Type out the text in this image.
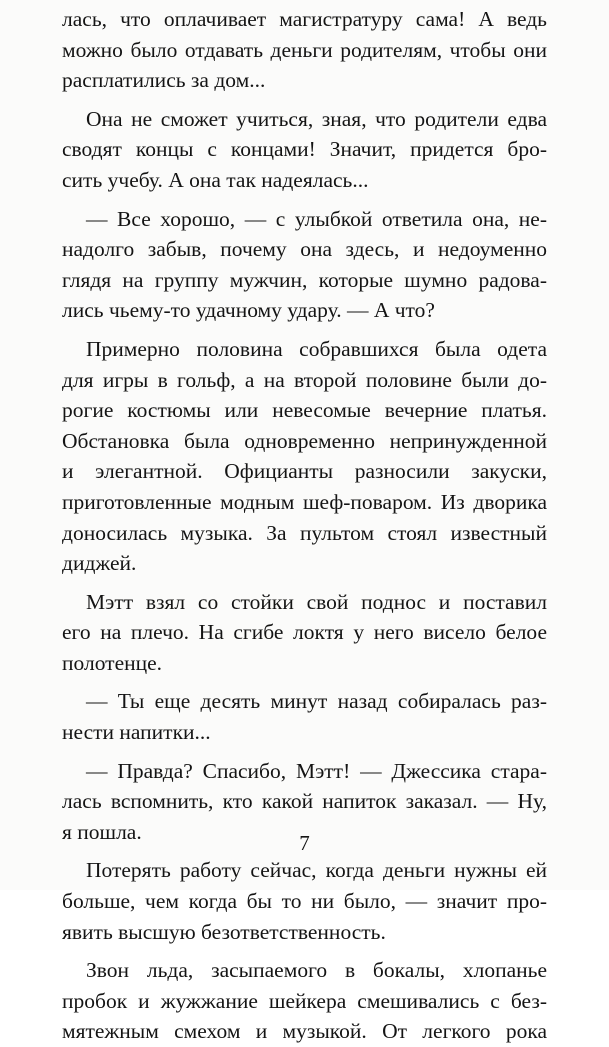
лась, что оплачивает магистратуру сама! А ведь
можно было отдавать деньги родителям, чтобы они
расплатились за дом...

Она не сможет учиться, зная, что родители едва
сводят концы с концами! Значит, придется бро-
сить учебу. А она так надеялась...

— Все хорошо, — с улыбкой ответила она, не-
надолго забыв, почему она здесь, и недоуменно
глядя на группу мужчин, которые шумно радова-
лись чьему-то удачному удару. — А что?

Примерно половина собравшихся была одета
для игры в гольф, а на второй половине были до-
рогие костюмы или невесомые вечерние платья.
Обстановка была одновременно непринужденной
и элегантной. Официанты разносили закуски,
приготовленные модным шеф-поваром. Из дворика
доносилась музыка. За пультом стоял известный
диджей.

Мэтт взял со стойки свой поднос и поставил
его на плечо. На сгибе локтя у него висело белое
полотенце.

— Ты еще десять минут назад собиралась раз-
нести напитки...

— Правда? Спасибо, Мэтт! — Джессика стара-
лась вспомнить, кто какой напиток заказал. — Ну,
я пошла.

Потерять работу сейчас, когда деньги нужны ей
больше, чем когда бы то ни было, — значит про-
явить высшую безответственность.

Звон льда, засыпаемого в бокалы, хлопанье
пробок и жужжание шейкера смешивались с без-
мятежным смехом и музыкой. От легкого рока

7
